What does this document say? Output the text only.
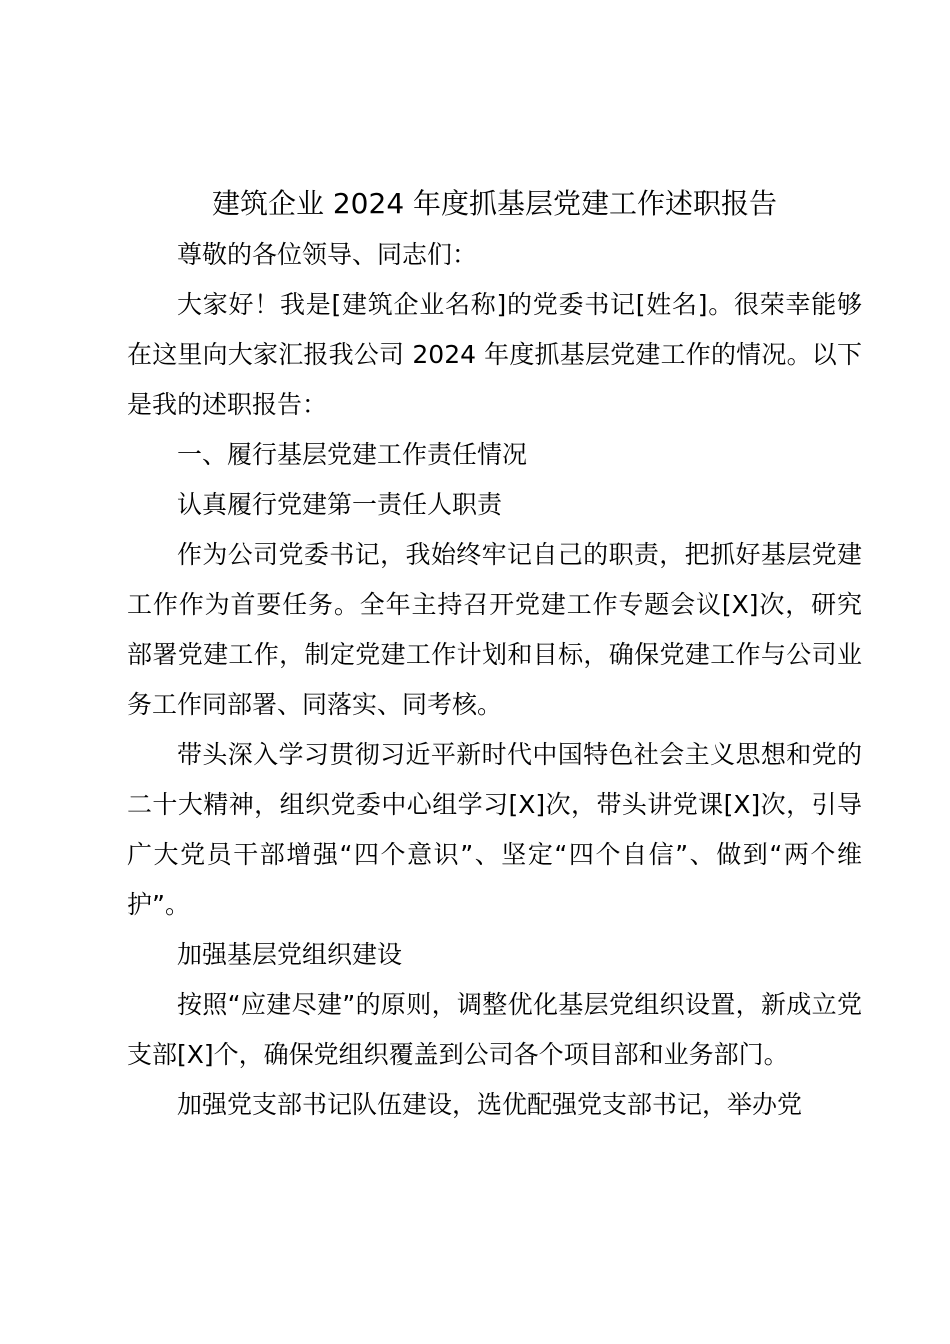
建筑企业 2024 年度抓基层党建工作述职报告

尊敬的各位领导、同志们：

大家好！我是[建筑企业名称]的党委书记[姓名]。很荣幸能够在这里向大家汇报我公司 2024 年度抓基层党建工作的情况。以下是我的述职报告：

一、履行基层党建工作责任情况

认真履行党建第一责任人职责

作为公司党委书记，我始终牢记自己的职责，把抓好基层党建工作作为首要任务。全年主持召开党建工作专题会议[X]次，研究部署党建工作，制定党建工作计划和目标，确保党建工作与公司业务工作同部署、同落实、同考核。

带头深入学习贯彻习近平新时代中国特色社会主义思想和党的二十大精神，组织党委中心组学习[X]次，带头讲党课[X]次，引导广大党员干部增强“四个意识”、坚定“四个自信”、做到“两个维护”。

加强基层党组织建设

按照“应建尽建”的原则，调整优化基层党组织设置，新成立党支部[X]个，确保党组织覆盖到公司各个项目部和业务部门。

加强党支部书记队伍建设，选优配强党支部书记，举办党
